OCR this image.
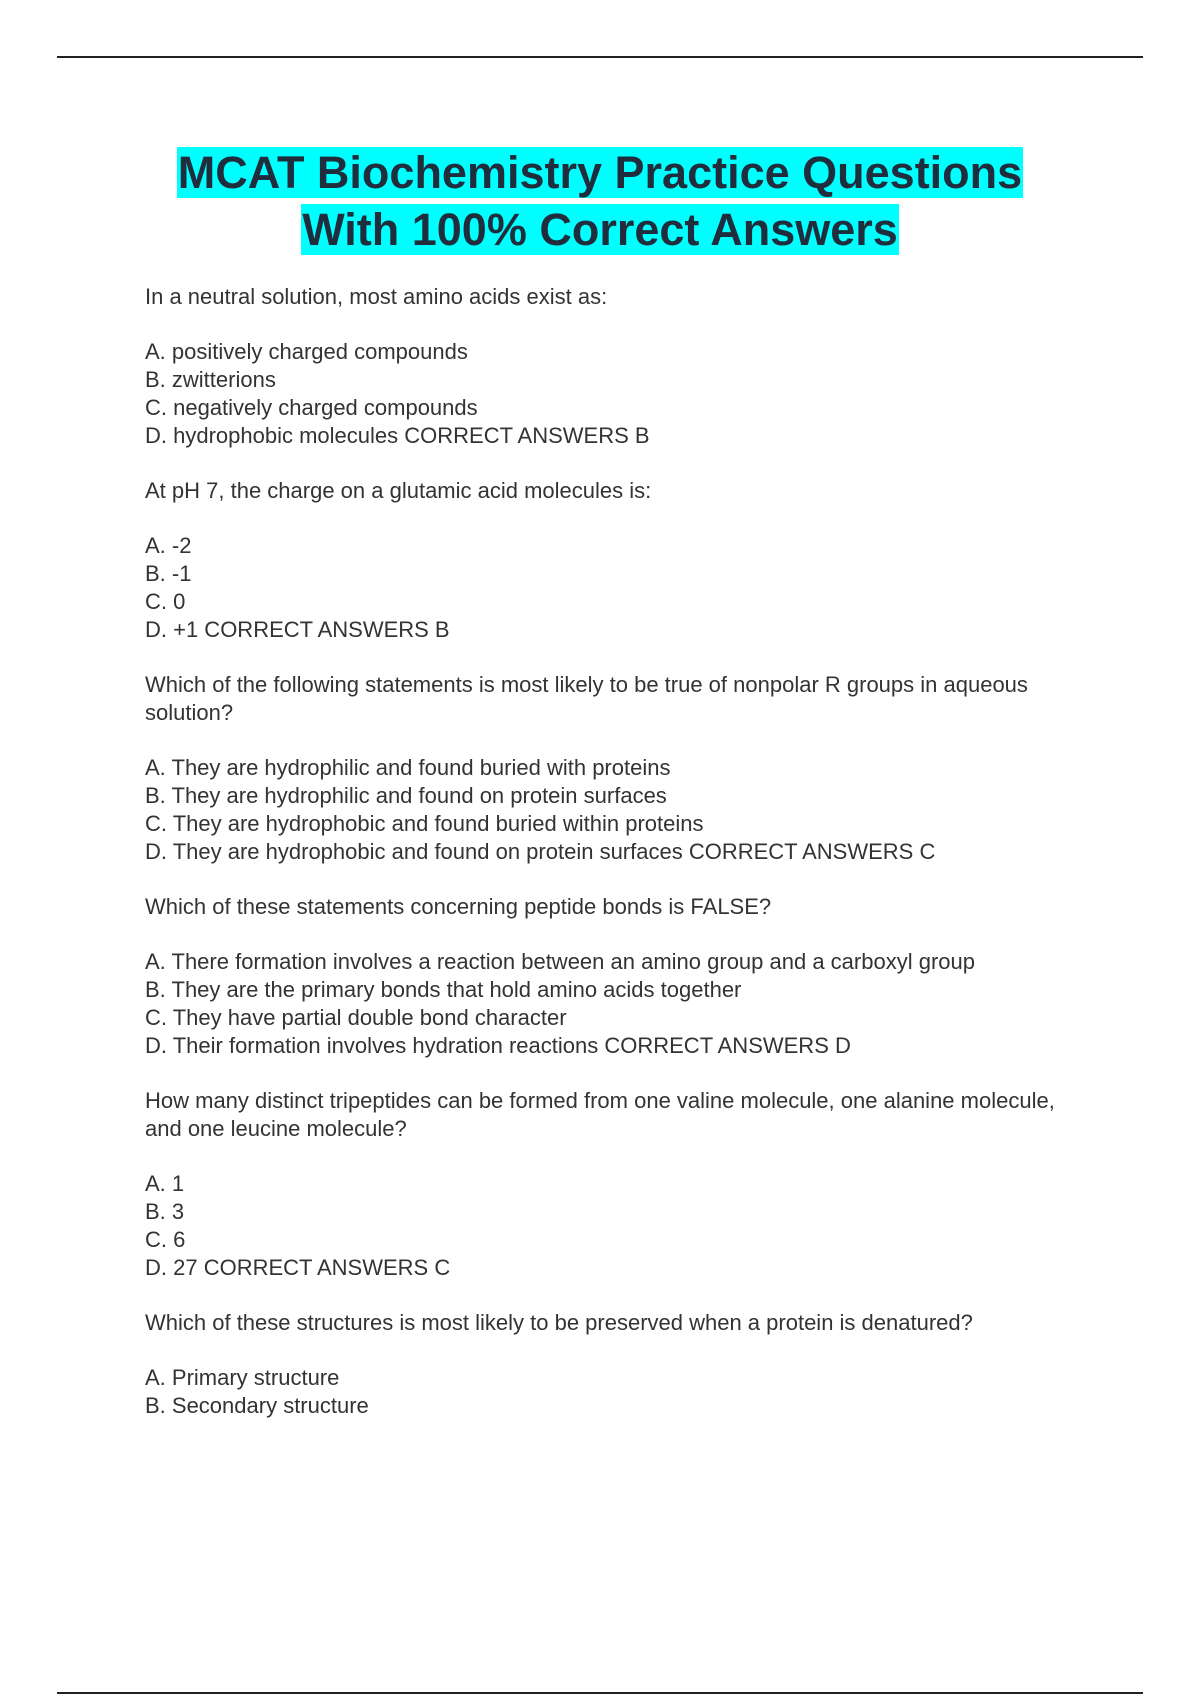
MCAT Biochemistry Practice Questions
With 100% Correct Answers

In a neutral solution, most amino acids exist as:

A. positively charged compounds
B. zwitterions
C. negatively charged compounds
D. hydrophobic molecules CORRECT ANSWERS B

At pH 7, the charge on a glutamic acid molecules is:

A. -2
B. -1
C. 0
D. +1 CORRECT ANSWERS B

Which of the following statements is most likely to be true of nonpolar R groups in aqueous solution?

A. They are hydrophilic and found buried with proteins
B. They are hydrophilic and found on protein surfaces
C. They are hydrophobic and found buried within proteins
D. They are hydrophobic and found on protein surfaces CORRECT ANSWERS C

Which of these statements concerning peptide bonds is FALSE?

A. There formation involves a reaction between an amino group and a carboxyl group
B. They are the primary bonds that hold amino acids together
C. They have partial double bond character
D. Their formation involves hydration reactions CORRECT ANSWERS D

How many distinct tripeptides can be formed from one valine molecule, one alanine molecule, and one leucine molecule?

A. 1
B. 3
C. 6
D. 27 CORRECT ANSWERS C

Which of these structures is most likely to be preserved when a protein is denatured?

A. Primary structure
B. Secondary structure
